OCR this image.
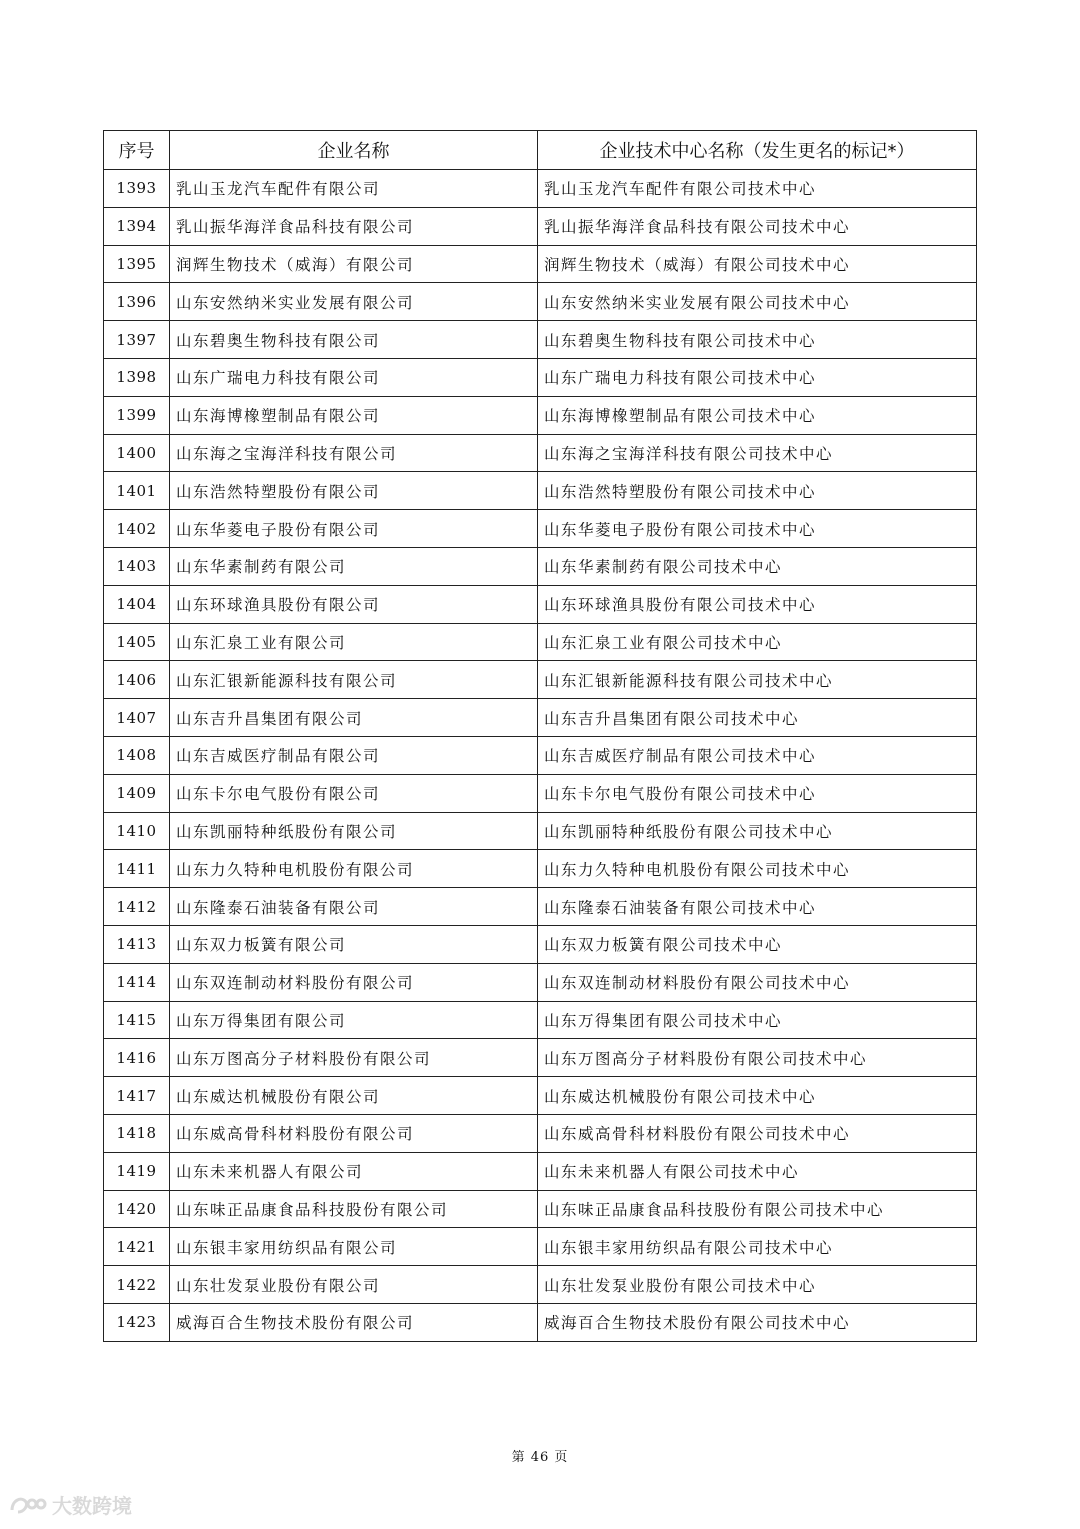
序号	企业名称	企业技术中心名称（发生更名的标记*）
1393	乳山玉龙汽车配件有限公司	乳山玉龙汽车配件有限公司技术中心
1394	乳山振华海洋食品科技有限公司	乳山振华海洋食品科技有限公司技术中心
1395	润辉生物技术（威海）有限公司	润辉生物技术（威海）有限公司技术中心
1396	山东安然纳米实业发展有限公司	山东安然纳米实业发展有限公司技术中心
1397	山东碧奥生物科技有限公司	山东碧奥生物科技有限公司技术中心
1398	山东广瑞电力科技有限公司	山东广瑞电力科技有限公司技术中心
1399	山东海博橡塑制品有限公司	山东海博橡塑制品有限公司技术中心
1400	山东海之宝海洋科技有限公司	山东海之宝海洋科技有限公司技术中心
1401	山东浩然特塑股份有限公司	山东浩然特塑股份有限公司技术中心
1402	山东华菱电子股份有限公司	山东华菱电子股份有限公司技术中心
1403	山东华素制药有限公司	山东华素制药有限公司技术中心
1404	山东环球渔具股份有限公司	山东环球渔具股份有限公司技术中心
1405	山东汇泉工业有限公司	山东汇泉工业有限公司技术中心
1406	山东汇银新能源科技有限公司	山东汇银新能源科技有限公司技术中心
1407	山东吉升昌集团有限公司	山东吉升昌集团有限公司技术中心
1408	山东吉威医疗制品有限公司	山东吉威医疗制品有限公司技术中心
1409	山东卡尔电气股份有限公司	山东卡尔电气股份有限公司技术中心
1410	山东凯丽特种纸股份有限公司	山东凯丽特种纸股份有限公司技术中心
1411	山东力久特种电机股份有限公司	山东力久特种电机股份有限公司技术中心
1412	山东隆泰石油装备有限公司	山东隆泰石油装备有限公司技术中心
1413	山东双力板簧有限公司	山东双力板簧有限公司技术中心
1414	山东双连制动材料股份有限公司	山东双连制动材料股份有限公司技术中心
1415	山东万得集团有限公司	山东万得集团有限公司技术中心
1416	山东万图高分子材料股份有限公司	山东万图高分子材料股份有限公司技术中心
1417	山东威达机械股份有限公司	山东威达机械股份有限公司技术中心
1418	山东威高骨科材料股份有限公司	山东威高骨科材料股份有限公司技术中心
1419	山东未来机器人有限公司	山东未来机器人有限公司技术中心
1420	山东味正品康食品科技股份有限公司	山东味正品康食品科技股份有限公司技术中心
1421	山东银丰家用纺织品有限公司	山东银丰家用纺织品有限公司技术中心
1422	山东壮发泵业股份有限公司	山东壮发泵业股份有限公司技术中心
1423	威海百合生物技术股份有限公司	威海百合生物技术股份有限公司技术中心
第 46 页
大数跨境
